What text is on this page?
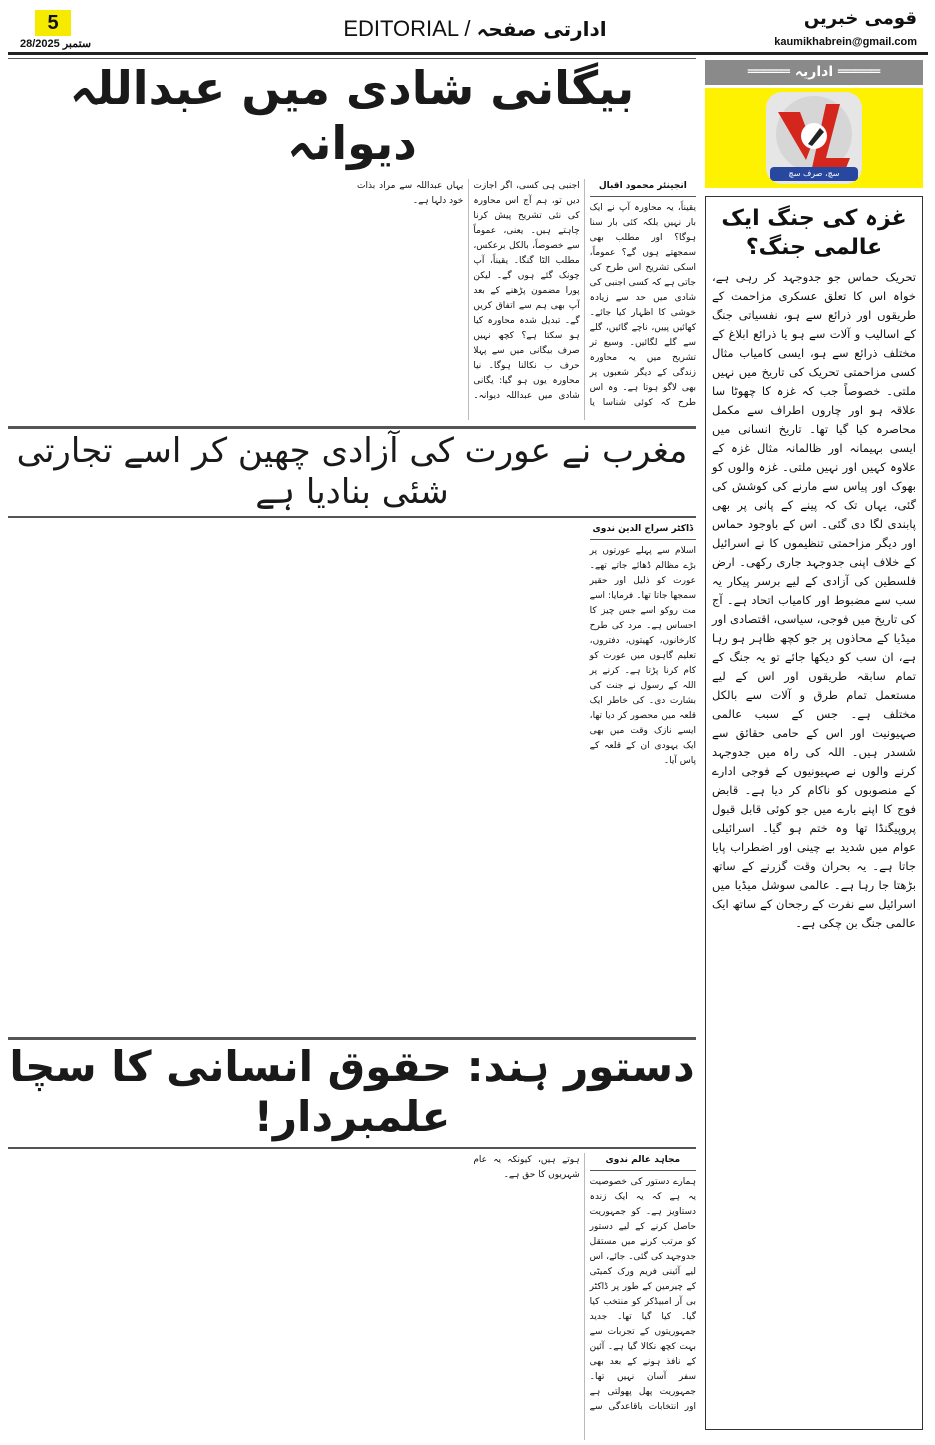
5
28/ستمبر 2025
EDITORIAL / ادارتی صفحہ	قومی خبریں
kaumikhabrein@gmail.com
بیگانی شادی میں عبداللہ دیوانہ
انجینئر محمود اقبال
یقیناً، یہ محاورہ آپ نے ایک بار نہیں بلکہ کئی بار سنا ہوگا؟ اور مطلب بھی سمجھتے ہوں گے؟ عموماً، اسکی تشریح اس طرح کی جاتی ہے کہ کسی اجنبی کی شادی میں حد سے زیادہ خوشی کا اظہار کیا جائے۔ کھائیں پییں، ناچے گائیں، گلے سے گلے لگائیں۔ وسیع تر تشریح میں یہ محاورہ زندگی کے دیگر شعبوں پر بھی لاگو ہوتا ہے۔ وہ اس طرح کہ کوئی شناسا یا اجنبی ہی کسی، اگر اجازت دیں تو، ہم آج اس محاورہ کی نئی تشریح پیش کرنا چاہتے ہیں۔ یعنی، عموماً سے خصوصاً، بالکل برعکس، مطلب الٹا گنگا۔ یقیناً، آپ چونک گئے ہوں گے۔ لیکن پورا مضمون پڑھنے کے بعد آپ بھی ہم سے اتفاق کریں گے۔ تبدیل شدہ محاورہ کیا ہو سکتا ہے؟ کچھ نہیں صرف بیگانی میں سے پہلا حرف ب نکالنا ہوگا۔ نیا محاورہ یوں ہو گیا: یگانی شادی میں عبداللہ دیوانہ۔ یہاں عبداللہ سے مراد بذات خود دلہا ہے۔
مغرب نے عورت کی آزادی چھین کر اسے تجارتی شئی بنادیا ہے
ڈاکٹر سراج الدین ندوی
اسلام سے پہلے عورتوں پر بڑے مظالم ڈھائے جاتے تھے۔ عورت کو ذلیل اور حقیر سمجھا جاتا تھا۔ فرمایا: اسے مت روکو اسے جس چیز کا احساس ہے۔ مرد کی طرح کارخانوں، کھیتوں، دفتروں، تعلیم گاہوں میں عورت کو کام کرنا پڑتا ہے۔ کرنے پر اللہ کے رسول نے جنت کی بشارت دی۔ کی خاطر ایک قلعہ میں محصور کر دیا تھا، ایسے نازک وقت میں بھی ایک یہودی ان کے قلعہ کے پاس آیا۔
دستور ہند: حقوق انسانی کا سچا علمبردار!
مجاہد عالم ندوی
ہمارے دستور کی خصوصیت یہ ہے کہ یہ ایک زندہ دستاویز ہے۔ کو جمہوریت حاصل کرنے کے لیے دستور کو مرتب کرنے میں مستقل جدوجہد کی گئی۔ جائے، اس لیے آئینی فریم ورک کمیٹی کے چیرمین کے طور پر ڈاکٹر بی آر امبیڈکر کو منتخب کیا گیا۔ کیا گیا تھا۔ جدید جمہوریتوں کے تجربات سے بہت کچھ نکالا گیا ہے۔ آئین کے نافذ ہونے کے بعد بھی سفر آسان نہیں تھا۔ جمہوریت پھل پھولتی ہے اور انتخابات باقاعدگی سے ہوتے ہیں، کیونکہ یہ عام شہریوں کا حق ہے۔
═════ اداریہ ═════
سچ، صرف سچ
غزہ کی جنگ ایک عالمی جنگ؟

تحریک حماس جو جدوجہد کر رہی ہے، خواہ اس کا تعلق عسکری مزاحمت کے طریقوں اور ذرائع سے ہو، نفسیاتی جنگ کے اسالیب و آلات سے ہو یا ذرائع ابلاغ کے مختلف ذرائع سے ہو، ایسی کامیاب مثال کسی مزاحمتی تحریک کی تاریخ میں نہیں ملتی۔ خصوصاً جب کہ غزہ کا چھوٹا سا علاقہ ہو اور چاروں اطراف سے مکمل محاصرہ کیا گیا تھا۔ تاریخ انسانی میں ایسی بہیمانہ اور ظالمانہ مثال غزہ کے علاوہ کہیں اور نہیں ملتی۔ غزہ والوں کو بھوک اور پیاس سے مارنے کی کوشش کی گئی، یہاں تک کہ پینے کے پانی پر بھی پابندی لگا دی گئی۔ اس کے باوجود حماس اور دیگر مزاحمتی تنظیموں کا نے اسرائیل کے خلاف اپنی جدوجہد جاری رکھی۔ ارض فلسطین کی آزادی کے لیے برسر پیکار یہ سب سے مضبوط اور کامیاب اتحاد ہے۔ آج کی تاریخ میں فوجی، سیاسی، اقتصادی اور میڈیا کے محاذوں پر جو کچھ ظاہر ہو رہا ہے، ان سب کو دیکھا جائے تو یہ جنگ کے تمام سابقہ طریقوں اور اس کے لیے مستعمل تمام طرق و آلات سے بالکل مختلف ہے۔ جس کے سبب عالمی صہیونیت اور اس کے حامی حقائق سے شسدر ہیں۔ اللہ کی راہ میں جدوجہد کرنے والوں نے صہیونیوں کے فوجی ادارے کے منصوبوں کو ناکام کر دیا ہے۔ قابض فوج کا اپنے بارے میں جو کوئی قابل قبول پروپیگنڈا تھا وہ ختم ہو گیا۔ اسرائیلی عوام میں شدید بے چینی اور اضطراب پایا جاتا ہے۔ یہ بحران وقت گزرنے کے ساتھ بڑھتا جا رہا ہے۔ عالمی سوشل میڈیا میں اسرائیل سے نفرت کے رجحان کے ساتھ ایک عالمی جنگ بن چکی ہے۔
